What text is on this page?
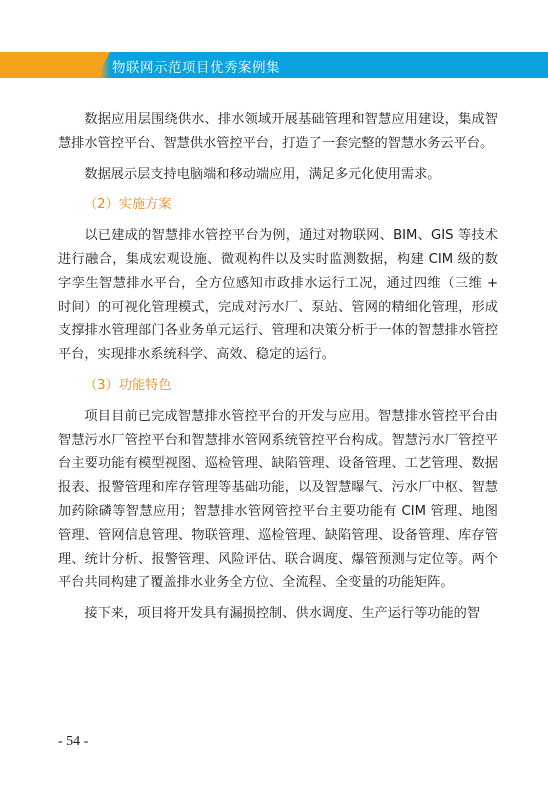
物联网示范项目优秀案例集

数据应用层围绕供水、排水领域开展基础管理和智慧应用建设，集成智慧排水管控平台、智慧供水管控平台，打造了一套完整的智慧水务云平台。

数据展示层支持电脑端和移动端应用，满足多元化使用需求。

（2）实施方案

以已建成的智慧排水管控平台为例，通过对物联网、BIM、GIS 等技术进行融合，集成宏观设施、微观构件以及实时监测数据，构建 CIM 级的数字孪生智慧排水平台，全方位感知市政排水运行工况，通过四维（三维 + 时间）的可视化管理模式，完成对污水厂、泵站、管网的精细化管理，形成支撑排水管理部门各业务单元运行、管理和决策分析于一体的智慧排水管控平台，实现排水系统科学、高效、稳定的运行。

（3）功能特色

项目目前已完成智慧排水管控平台的开发与应用。智慧排水管控平台由智慧污水厂管控平台和智慧排水管网系统管控平台构成。智慧污水厂管控平台主要功能有模型视图、巡检管理、缺陷管理、设备管理、工艺管理、数据报表、报警管理和库存管理等基础功能，以及智慧曝气、污水厂中枢、智慧加药除磷等智慧应用；智慧排水管网管控平台主要功能有 CIM 管理、地图管理、管网信息管理、物联管理、巡检管理、缺陷管理、设备管理、库存管理、统计分析、报警管理、风险评估、联合调度、爆管预测与定位等。两个平台共同构建了覆盖排水业务全方位、全流程、全变量的功能矩阵。

接下来，项目将开发具有漏损控制、供水调度、生产运行等功能的智

- 54 -
